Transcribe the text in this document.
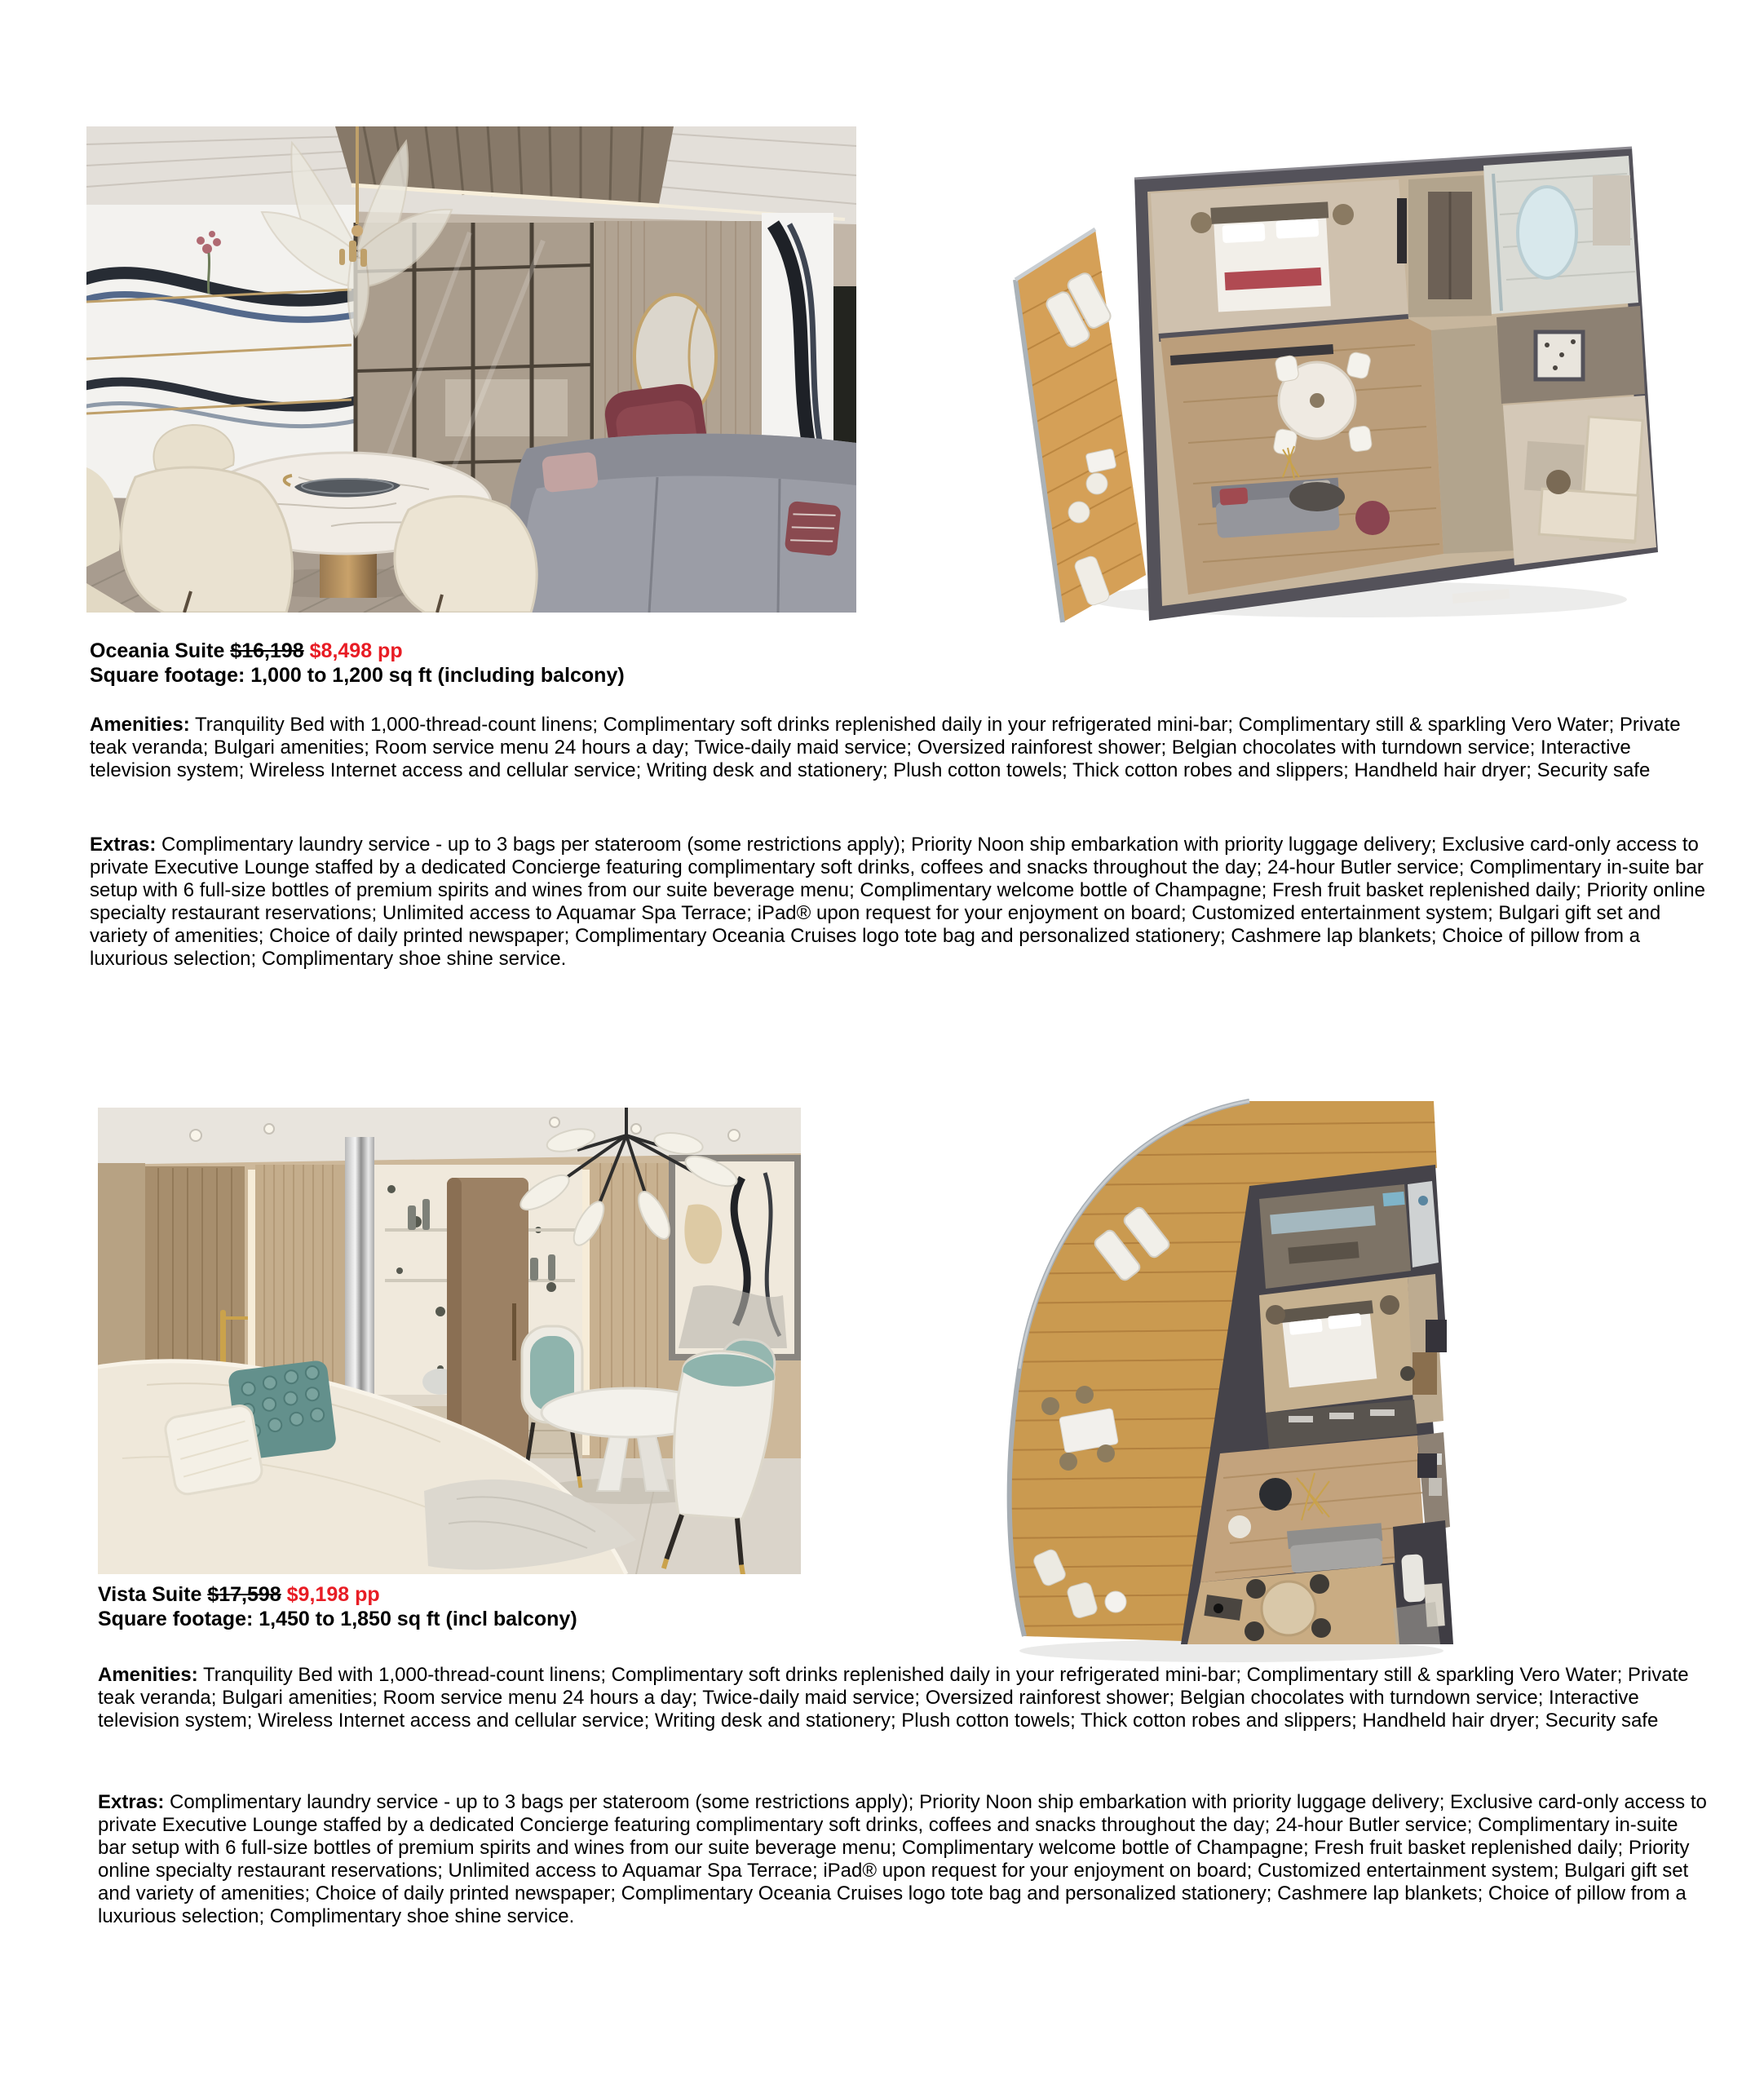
Oceania Suite $16,198 $8,498 pp
Square footage: 1,000 to 1,200 sq ft (including balcony)

Amenities: Tranquility Bed with 1,000-thread-count linens; Complimentary soft drinks replenished daily in your refrigerated mini-bar; Complimentary still & sparkling Vero Water; Private teak veranda; Bulgari amenities; Room service menu 24 hours a day; Twice-daily maid service; Oversized rainforest shower; Belgian chocolates with turndown service; Interactive television system; Wireless Internet access and cellular service; Writing desk and stationery; Plush cotton towels; Thick cotton robes and slippers; Handheld hair dryer; Security safe

Extras: Complimentary laundry service - up to 3 bags per stateroom (some restrictions apply); Priority Noon ship embarkation with priority luggage delivery; Exclusive card-only access to private Executive Lounge staffed by a dedicated Concierge featuring complimentary soft drinks, coffees and snacks throughout the day; 24-hour Butler service; Complimentary in-suite bar setup with 6 full-size bottles of premium spirits and wines from our suite beverage menu; Complimentary welcome bottle of Champagne; Fresh fruit basket replenished daily; Priority online specialty restaurant reservations; Unlimited access to Aquamar Spa Terrace; iPad® upon request for your enjoyment on board; Customized entertainment system; Bulgari gift set and variety of amenities; Choice of daily printed newspaper; Complimentary Oceania Cruises logo tote bag and personalized stationery; Cashmere lap blankets; Choice of pillow from a luxurious selection; Complimentary shoe shine service.

Vista Suite $17,598 $9,198 pp
Square footage: 1,450 to 1,850 sq ft (incl balcony)

Amenities: Tranquility Bed with 1,000-thread-count linens; Complimentary soft drinks replenished daily in your refrigerated mini-bar; Complimentary still & sparkling Vero Water; Private teak veranda; Bulgari amenities; Room service menu 24 hours a day; Twice-daily maid service; Oversized rainforest shower; Belgian chocolates with turndown service; Interactive television system; Wireless Internet access and cellular service; Writing desk and stationery; Plush cotton towels; Thick cotton robes and slippers; Handheld hair dryer; Security safe

Extras: Complimentary laundry service - up to 3 bags per stateroom (some restrictions apply); Priority Noon ship embarkation with priority luggage delivery; Exclusive card-only access to private Executive Lounge staffed by a dedicated Concierge featuring complimentary soft drinks, coffees and snacks throughout the day; 24-hour Butler service; Complimentary in-suite bar setup with 6 full-size bottles of premium spirits and wines from our suite beverage menu; Complimentary welcome bottle of Champagne; Fresh fruit basket replenished daily; Priority online specialty restaurant reservations; Unlimited access to Aquamar Spa Terrace; iPad® upon request for your enjoyment on board; Customized entertainment system; Bulgari gift set and variety of amenities; Choice of daily printed newspaper; Complimentary Oceania Cruises logo tote bag and personalized stationery; Cashmere lap blankets; Choice of pillow from a luxurious selection; Complimentary shoe shine service.
